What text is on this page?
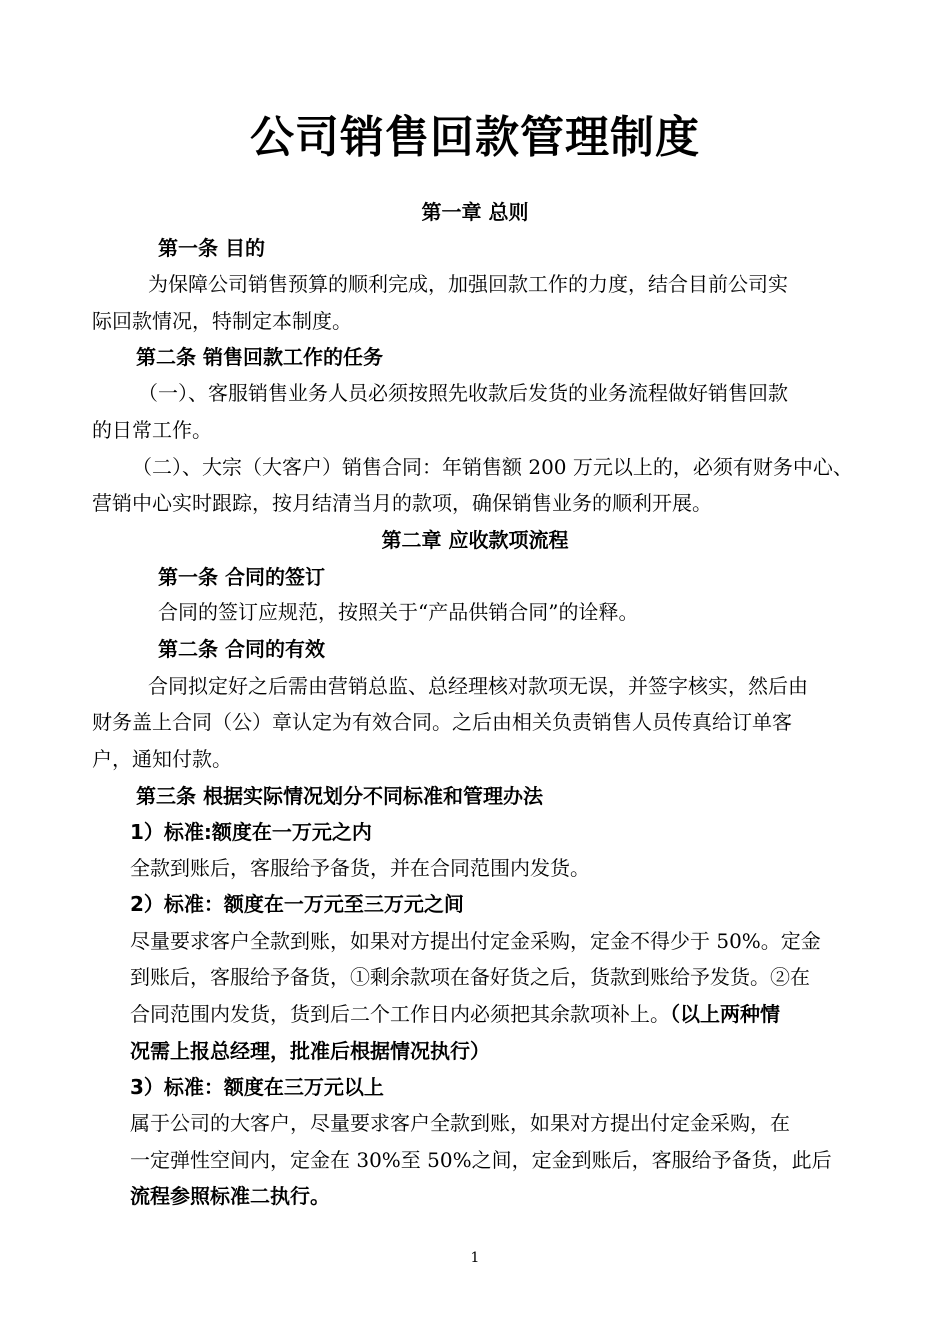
公司销售回款管理制度
第一章 总则
第一条 目的
为保障公司销售预算的顺利完成，加强回款工作的力度，结合目前公司实
际回款情况，特制定本制度。
第二条 销售回款工作的任务
（一）、客服销售业务人员必须按照先收款后发货的业务流程做好销售回款
的日常工作。
（二）、大宗（大客户）销售合同：年销售额 200 万元以上的，必须有财务中心、
营销中心实时跟踪，按月结清当月的款项，确保销售业务的顺利开展。
第二章 应收款项流程
第一条 合同的签订
合同的签订应规范，按照关于“产品供销合同”的诠释。
第二条 合同的有效
合同拟定好之后需由营销总监、总经理核对款项无误，并签字核实，然后由
财务盖上合同（公）章认定为有效合同。之后由相关负责销售人员传真给订单客
户，通知付款。
第三条 根据实际情况划分不同标准和管理办法
1）标准:额度在一万元之内
全款到账后，客服给予备货，并在合同范围内发货。
2）标准：额度在一万元至三万元之间
尽量要求客户全款到账，如果对方提出付定金采购，定金不得少于 50%。定金
到账后，客服给予备货，①剩余款项在备好货之后，货款到账给予发货。②在
合同范围内发货，货到后二个工作日内必须把其余款项补上。（以上两种情
况需上报总经理，批准后根据情况执行）
3）标准：额度在三万元以上
属于公司的大客户，尽量要求客户全款到账，如果对方提出付定金采购，在
一定弹性空间内，定金在 30%至 50%之间，定金到账后，客服给予备货，此后
流程参照标准二执行。
1
